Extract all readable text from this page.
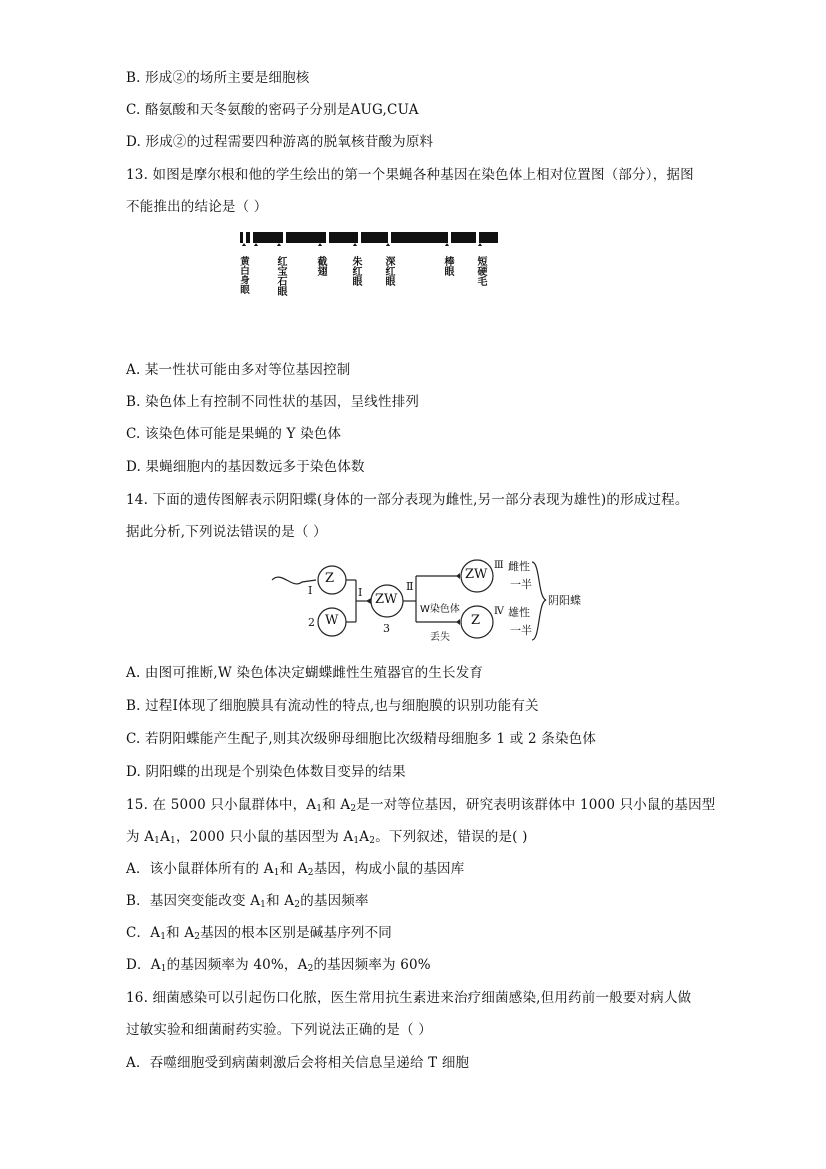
B. 形成②的场所主要是细胞核
C. 酪氨酸和天冬氨酸的密码子分别是AUG,CUA
D. 形成②的过程需要四种游离的脱氧核苷酸为原料
13. 如图是摩尔根和他的学生绘出的第一个果蝇各种基因在染色体上相对位置图（部分），据图
不能推出的结论是（ ）
黄白身眼	红宝石眼	截翅 朱红眼 深红眼	棒眼 短硬毛
A. 某一性状可能由多对等位基因控制
B. 染色体上有控制不同性状的基因，呈线性排列
C. 该染色体可能是果蝇的 Y 染色体
D. 果蝇细胞内的基因数远多于染色体数
14. 下面的遗传图解表示阴阳蝶(身体的一部分表现为雌性,另一部分表现为雄性)的形成过程。
据此分析,下列说法错误的是（ ）
Z
W
ZW
ZW
Z
I
2	3
Ⅰ	Ⅱ
Ⅲ
Ⅳ
W染色体
丢失
雌性
一半
雄性
一半
阴阳蝶
A. 由图可推断,W 染色体决定蝴蝶雌性生殖器官的生长发育
B. 过程Ⅰ体现了细胞膜具有流动性的特点,也与细胞膜的识别功能有关
C. 若阴阳蝶能产生配子,则其次级卵母细胞比次级精母细胞多 1 或 2 条染色体
D. 阴阳蝶的出现是个别染色体数目变异的结果
15. 在 5000 只小鼠群体中，$A_1$和 $A_2$是一对等位基因，研究表明该群体中 1000 只小鼠的基因型
为 $A_1A_1$，2000 只小鼠的基因型为 $A_1A_2$。下列叙述，错误的是( )
A．该小鼠群体所有的 $A_1$和 $A_2$基因，构成小鼠的基因库
B．基因突变能改变 $A_1$和 $A_2$的基因频率
C．$A_1$和 $A_2$基因的根本区别是碱基序列不同
D．$A_1$的基因频率为 40%，$A_2$的基因频率为 60%
16. 细菌感染可以引起伤口化脓，医生常用抗生素进来治疗细菌感染,但用药前一般要对病人做
过敏实验和细菌耐药实验。下列说法正确的是（ ）
A．吞噬细胞受到病菌刺激后会将相关信息呈递给 T 细胞
